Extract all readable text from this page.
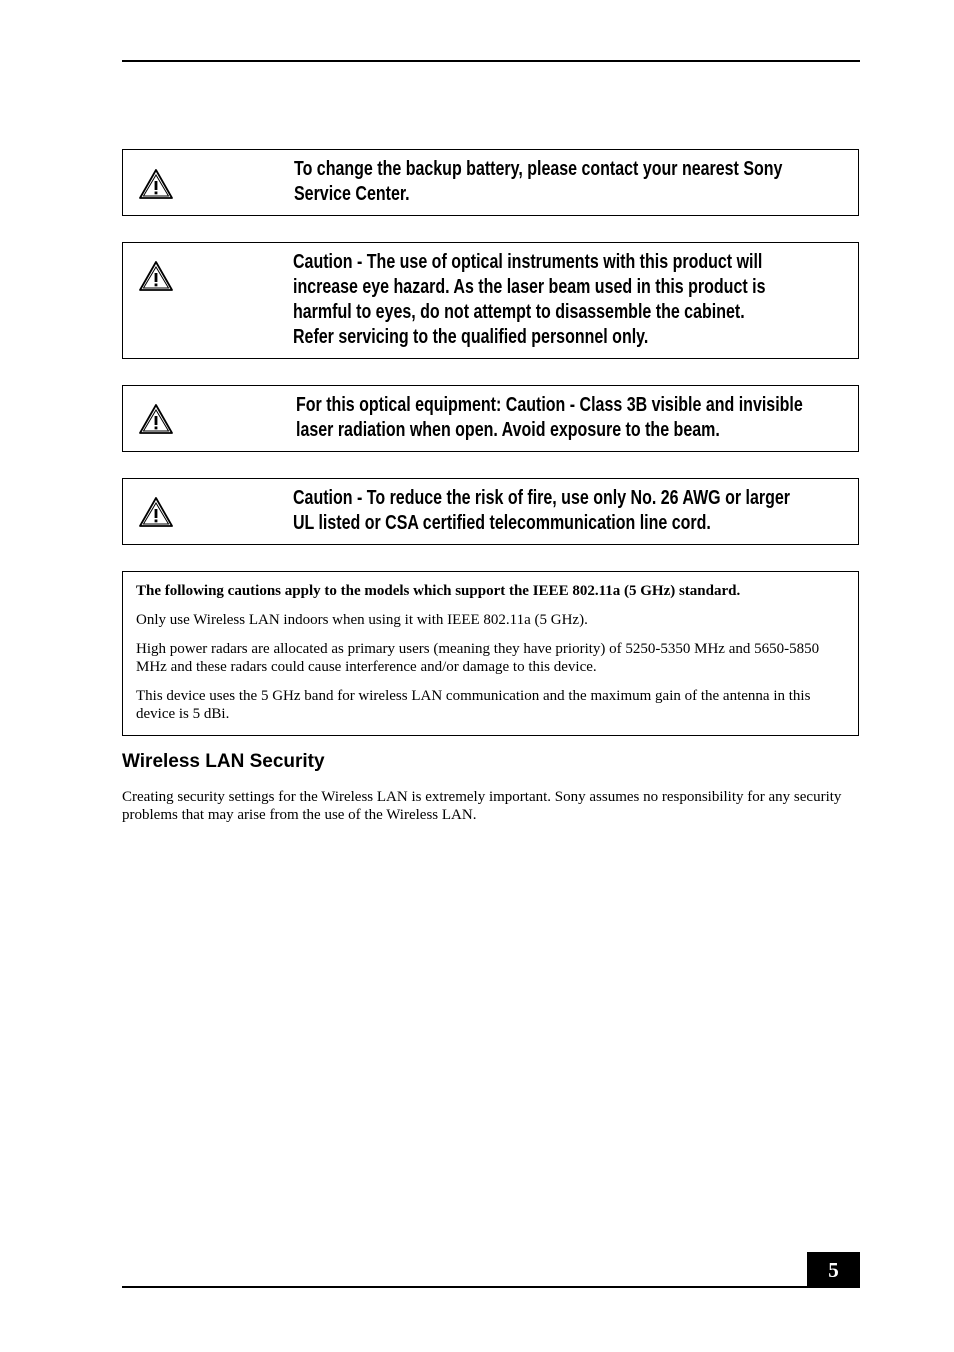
To change the backup battery, please contact your nearest Sony
Service Center.
Caution - The use of optical instruments with this product will
increase eye hazard. As the laser beam used in this product is
harmful to eyes, do not attempt to disassemble the cabinet.
Refer servicing to the qualified personnel only.
For this optical equipment: Caution - Class 3B visible and invisible
laser radiation when open. Avoid exposure to the beam.
Caution - To reduce the risk of fire, use only No. 26 AWG or larger
UL listed or CSA certified telecommunication line cord.

The following cautions apply to the models which support the IEEE 802.11a (5 GHz) standard.

Only use Wireless LAN indoors when using it with IEEE 802.11a (5 GHz).

High power radars are allocated as primary users (meaning they have priority) of 5250-5350 MHz and 5650-5850 MHz and these radars could cause interference and/or damage to this device.

This device uses the 5 GHz band for wireless LAN communication and the maximum gain of the antenna in this device is 5 dBi.

Wireless LAN Security

Creating security settings for the Wireless LAN is extremely important. Sony assumes no responsibility for any security problems that may arise from the use of the Wireless LAN.

5
